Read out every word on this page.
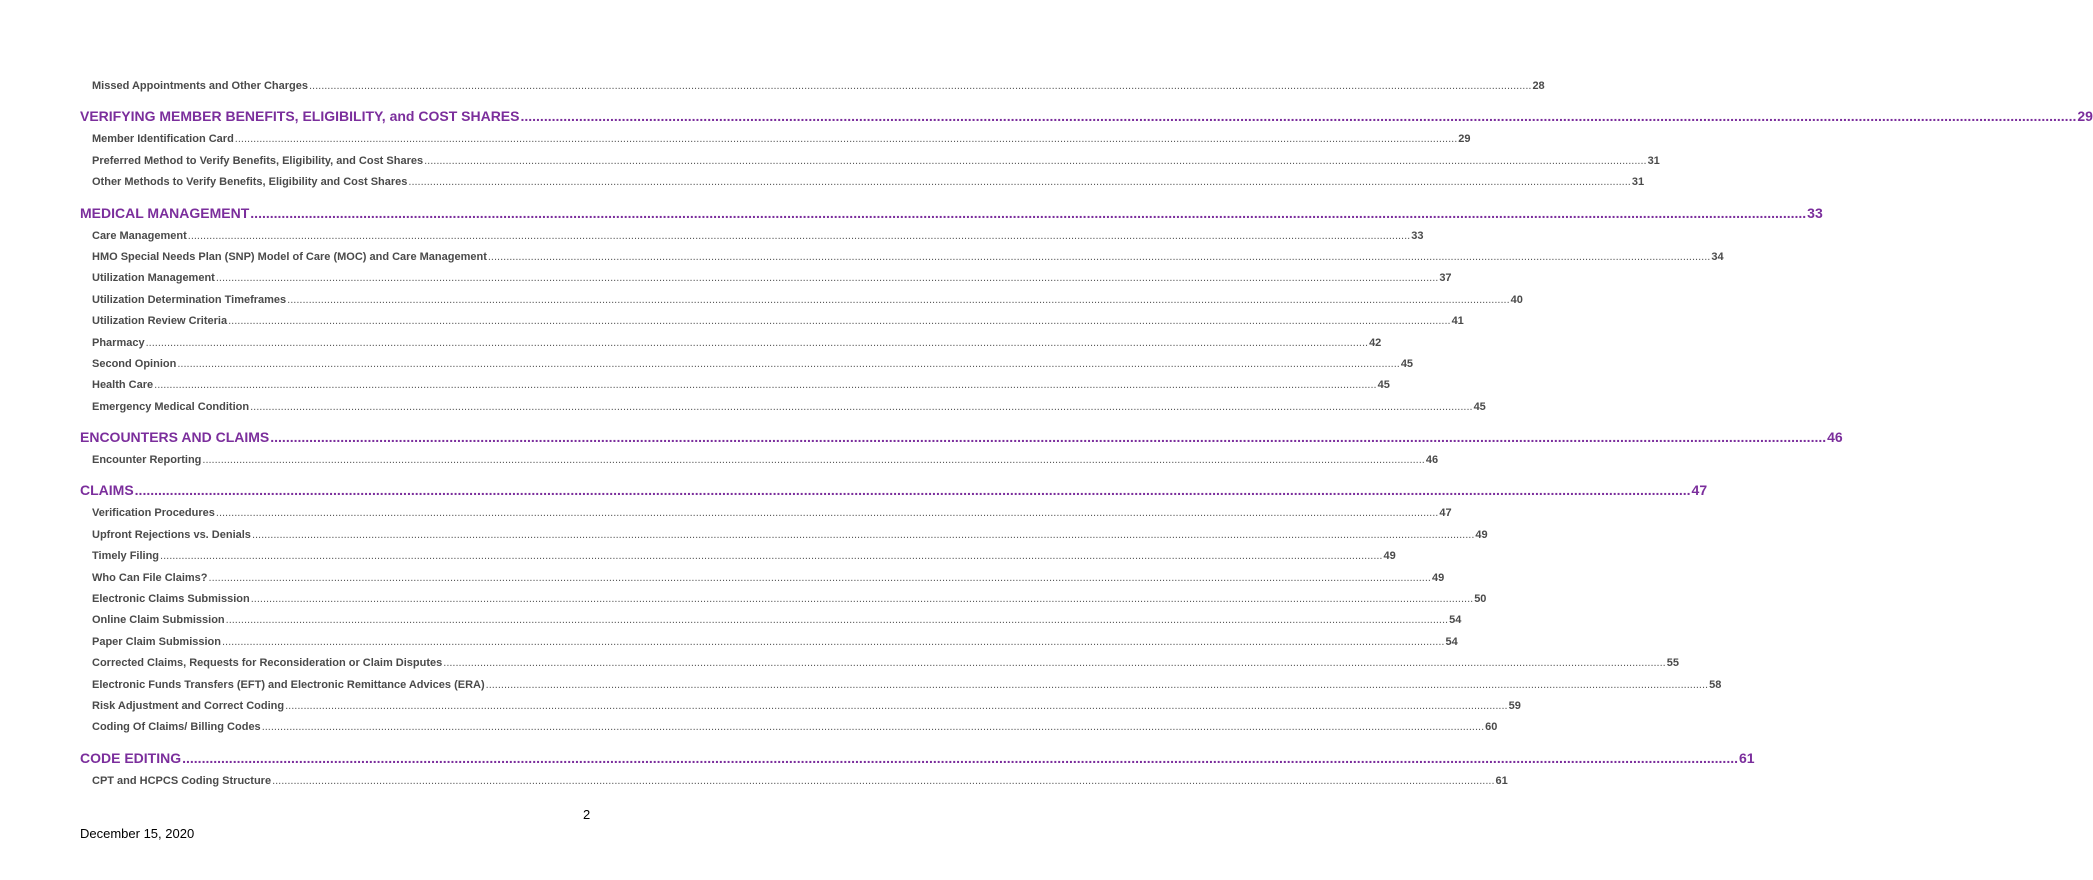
Missed Appointments and Other Charges ................................................................................................................................................................................................................................................................................................................................................................................................................ 28
VERIFYING MEMBER BENEFITS, ELIGIBILITY, and COST SHARES ................................................................................................................................................................................................................................................................................................................................................................................................................ 29
Member Identification Card ................................................................................................................................................................................................................................................................................................................................................................................................................ 29
Preferred Method to Verify Benefits, Eligibility, and Cost Shares ................................................................................................................................................................................................................................................................................................................................................................................................................ 31
Other Methods to Verify Benefits, Eligibility and Cost Shares ................................................................................................................................................................................................................................................................................................................................................................................................................ 31
MEDICAL MANAGEMENT ................................................................................................................................................................................................................................................................................................................................................................................................................ 33
Care Management ................................................................................................................................................................................................................................................................................................................................................................................................................ 33
HMO Special Needs Plan (SNP) Model of Care (MOC) and Care Management ................................................................................................................................................................................................................................................................................................................................................................................................................ 34
Utilization Management ................................................................................................................................................................................................................................................................................................................................................................................................................ 37
Utilization Determination Timeframes ................................................................................................................................................................................................................................................................................................................................................................................................................ 40
Utilization Review Criteria ................................................................................................................................................................................................................................................................................................................................................................................................................ 41
Pharmacy ................................................................................................................................................................................................................................................................................................................................................................................................................ 42
Second Opinion ................................................................................................................................................................................................................................................................................................................................................................................................................ 45
Health Care ................................................................................................................................................................................................................................................................................................................................................................................................................ 45
Emergency Medical Condition ................................................................................................................................................................................................................................................................................................................................................................................................................ 45
ENCOUNTERS AND CLAIMS ................................................................................................................................................................................................................................................................................................................................................................................................................ 46
Encounter Reporting ................................................................................................................................................................................................................................................................................................................................................................................................................ 46
CLAIMS ................................................................................................................................................................................................................................................................................................................................................................................................................ 47
Verification Procedures ................................................................................................................................................................................................................................................................................................................................................................................................................ 47
Upfront Rejections vs. Denials ................................................................................................................................................................................................................................................................................................................................................................................................................ 49
Timely Filing ................................................................................................................................................................................................................................................................................................................................................................................................................ 49
Who Can File Claims? ................................................................................................................................................................................................................................................................................................................................................................................................................ 49
Electronic Claims Submission ................................................................................................................................................................................................................................................................................................................................................................................................................ 50
Online Claim Submission ................................................................................................................................................................................................................................................................................................................................................................................................................ 54
Paper Claim Submission ................................................................................................................................................................................................................................................................................................................................................................................................................ 54
Corrected Claims, Requests for Reconsideration or Claim Disputes ................................................................................................................................................................................................................................................................................................................................................................................................................ 55
Electronic Funds Transfers (EFT) and Electronic Remittance Advices (ERA) ................................................................................................................................................................................................................................................................................................................................................................................................................ 58
Risk Adjustment and Correct Coding ................................................................................................................................................................................................................................................................................................................................................................................................................ 59
Coding Of Claims/ Billing Codes ................................................................................................................................................................................................................................................................................................................................................................................................................ 60
CODE EDITING ................................................................................................................................................................................................................................................................................................................................................................................................................ 61
CPT and HCPCS Coding Structure ................................................................................................................................................................................................................................................................................................................................................................................................................ 61
2
December 15, 2020
